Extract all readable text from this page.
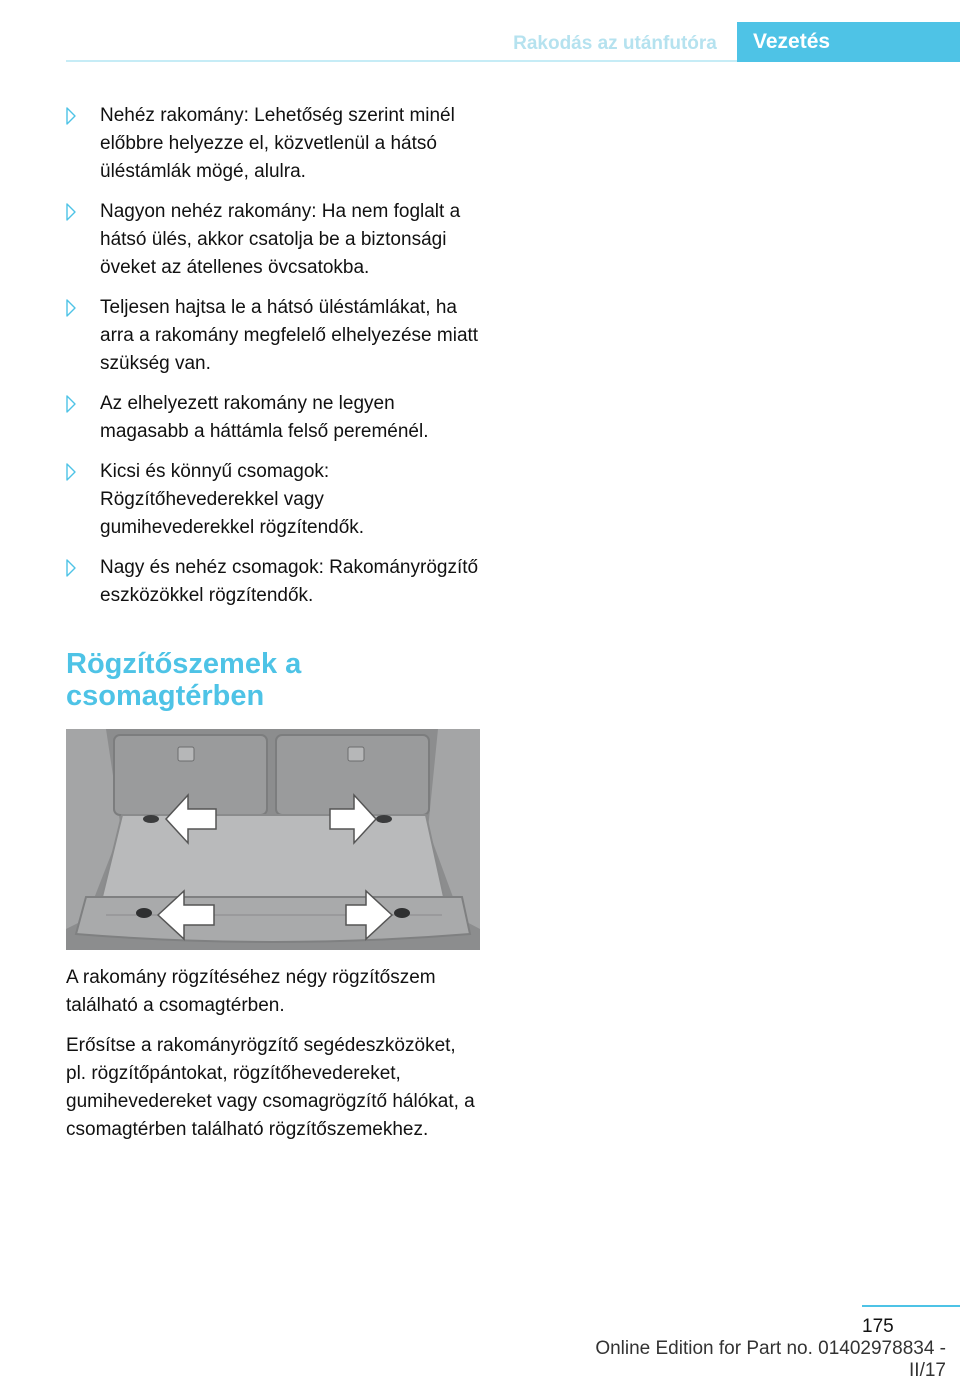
Rakodás az utánfutóra	Vezetés
Nehéz rakomány: Lehetőség szerint minél előbbre helyezze el, közvetlenül a hátsó üléstámlák mögé, alulra.
Nagyon nehéz rakomány: Ha nem foglalt a hátsó ülés, akkor csatolja be a biztonsági öveket az átellenes övcsatokba.
Teljesen hajtsa le a hátsó üléstámlákat, ha arra a rakomány megfelelő elhelyezése miatt szükség van.
Az elhelyezett rakomány ne legyen magasabb a háttámla felső pereménél.
Kicsi és könnyű csomagok: Rögzítőhevederekkel vagy gumihevederekkel rögzítendők.
Nagy és nehéz csomagok: Rakományrögzítő eszközökkel rögzítendők.
Rögzítőszemek a csomagtérben

A rakomány rögzítéséhez négy rögzítőszem található a csomagtérben.

Erősítse a rakományrögzítő segédeszközöket, pl. rögzítőpántokat, rögzítőhevedereket, gumihevedereket vagy csomagrögzítő hálókat, a csomagtérben található rögzítőszemekhez.

175
Online Edition for Part no. 01402978834 - II/17
